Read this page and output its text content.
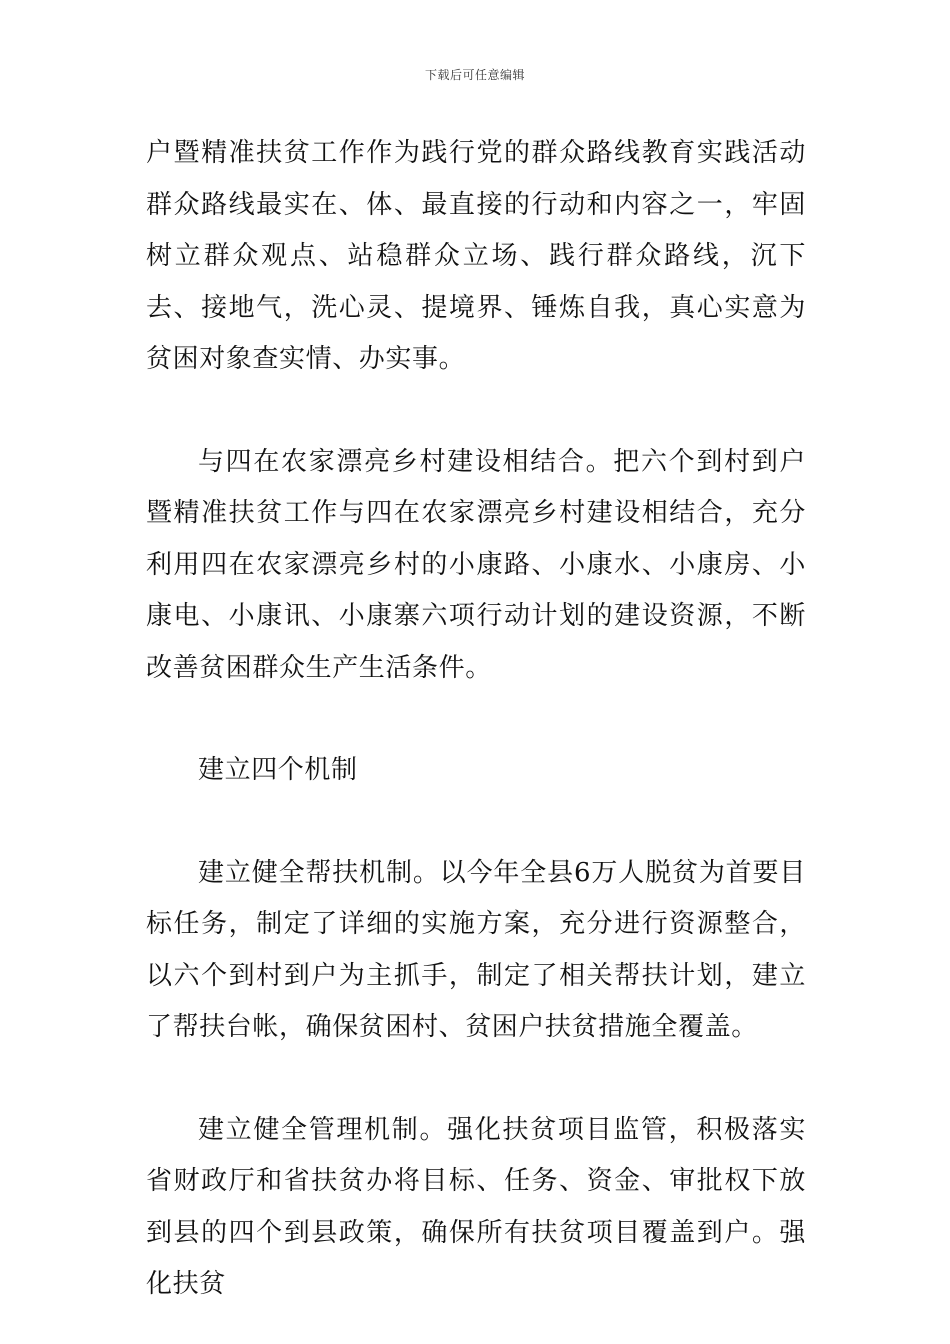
下载后可任意编辑

户暨精准扶贫工作作为践行党的群众路线教育实践活动群众路线最实在、体、最直接的行动和内容之一，牢固树立群众观点、站稳群众立场、践行群众路线，沉下去、接地气，洗心灵、提境界、锤炼自我，真心实意为贫困对象查实情、办实事。

与四在农家漂亮乡村建设相结合。把六个到村到户暨精准扶贫工作与四在农家漂亮乡村建设相结合，充分利用四在农家漂亮乡村的小康路、小康水、小康房、小康电、小康讯、小康寨六项行动计划的建设资源，不断改善贫困群众生产生活条件。

建立四个机制

建立健全帮扶机制。以今年全县6万人脱贫为首要目标任务，制定了详细的实施方案，充分进行资源整合，以六个到村到户为主抓手，制定了相关帮扶计划，建立了帮扶台帐，确保贫困村、贫困户扶贫措施全覆盖。

建立健全管理机制。强化扶贫项目监管，积极落实省财政厅和省扶贫办将目标、任务、资金、审批权下放到县的四个到县政策，确保所有扶贫项目覆盖到户。强化扶贫
